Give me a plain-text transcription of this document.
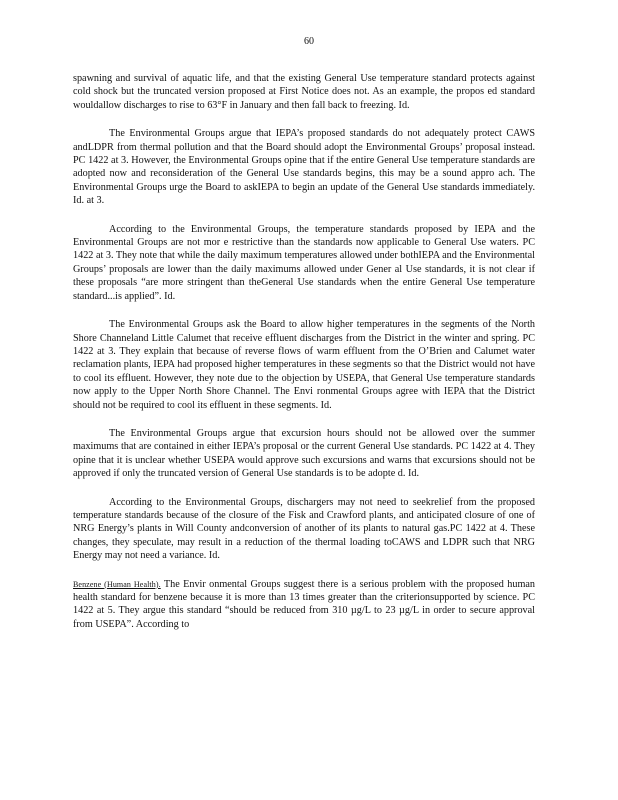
60

spawning and survival of aquatic life, and that the existing General Use temperature standard protects against cold shock but the truncated version proposed at First Notice does not. As an example, the propos ed standard wouldallow discharges to rise to 63°F in January and then fall back to freezing. Id.

The Environmental Groups argue that IEPA’s proposed standards do not adequately protect CAWS andLDPR from thermal pollution and that the Board should adopt the Environmental Groups’ proposal instead. PC 1422 at 3. However, the Environmental Groups opine that if the entire General Use temperature standards are adopted now and reconsideration of the General Use standards begins, this may be a sound appro ach. The Environmental Groups urge the Board to askIEPA to begin an update of the General Use standards immediately. Id. at 3.

According to the Environmental Groups, the temperature standards proposed by IEPA and the Environmental Groups are not mor e restrictive than the standards now applicable to General Use waters. PC 1422 at 3. They note that while the daily maximum temperatures allowed under bothIEPA and the Environmental Groups’ proposals are lower than the daily maximums allowed under Gener al Use standards, it is not clear if these proposals “are more stringent than theGeneral Use standards when the entire General Use temperature standard...is applied”. Id.

The Environmental Groups ask the Board to allow higher temperatures in the segments of the North Shore Channeland Little Calumet that receive effluent discharges from the District in the winter and spring. PC 1422 at 3. They explain that because of reverse flows of warm effluent from the O’Brien and Calumet water reclamation plants, IEPA had proposed higher temperatures in these segments so that the District would not have to cool its effluent. However, they note due to the objection by USEPA, that General Use temperature standards now apply to the Upper North Shore Channel. The Envi ronmental Groups agree with IEPA that the District should not be required to cool its effluent in these segments. Id.

The Environmental Groups argue that excursion hours should not be allowed over the summer maximums that are contained in either IEPA’s proposal or the current General Use standards. PC 1422 at 4. They opine that it is unclear whether USEPA would approve such excursions and warns that excursions should not be approved if only the truncated version of General Use standards is to be adopte d. Id.

According to the Environmental Groups, dischargers may not need to seekrelief from the proposed temperature standards because of the closure of the Fisk and Crawford plants, and anticipated closure of one of NRG Energy’s plants in Will County andconversion of another of its plants to natural gas.PC 1422 at 4. These changes, they speculate, may result in a reduction of the thermal loading toCAWS and LDPR such that NRG Energy may not need a variance. Id.

Benzene (Human Health). The Envir onmental Groups suggest there is a serious problem with the proposed human health standard for benzene because it is more than 13 times greater than the criterionsupported by science. PC 1422 at 5. They argue this standard “should be reduced from 310 µg/L to 23 µg/L in order to secure approval from USEPA”. According to
